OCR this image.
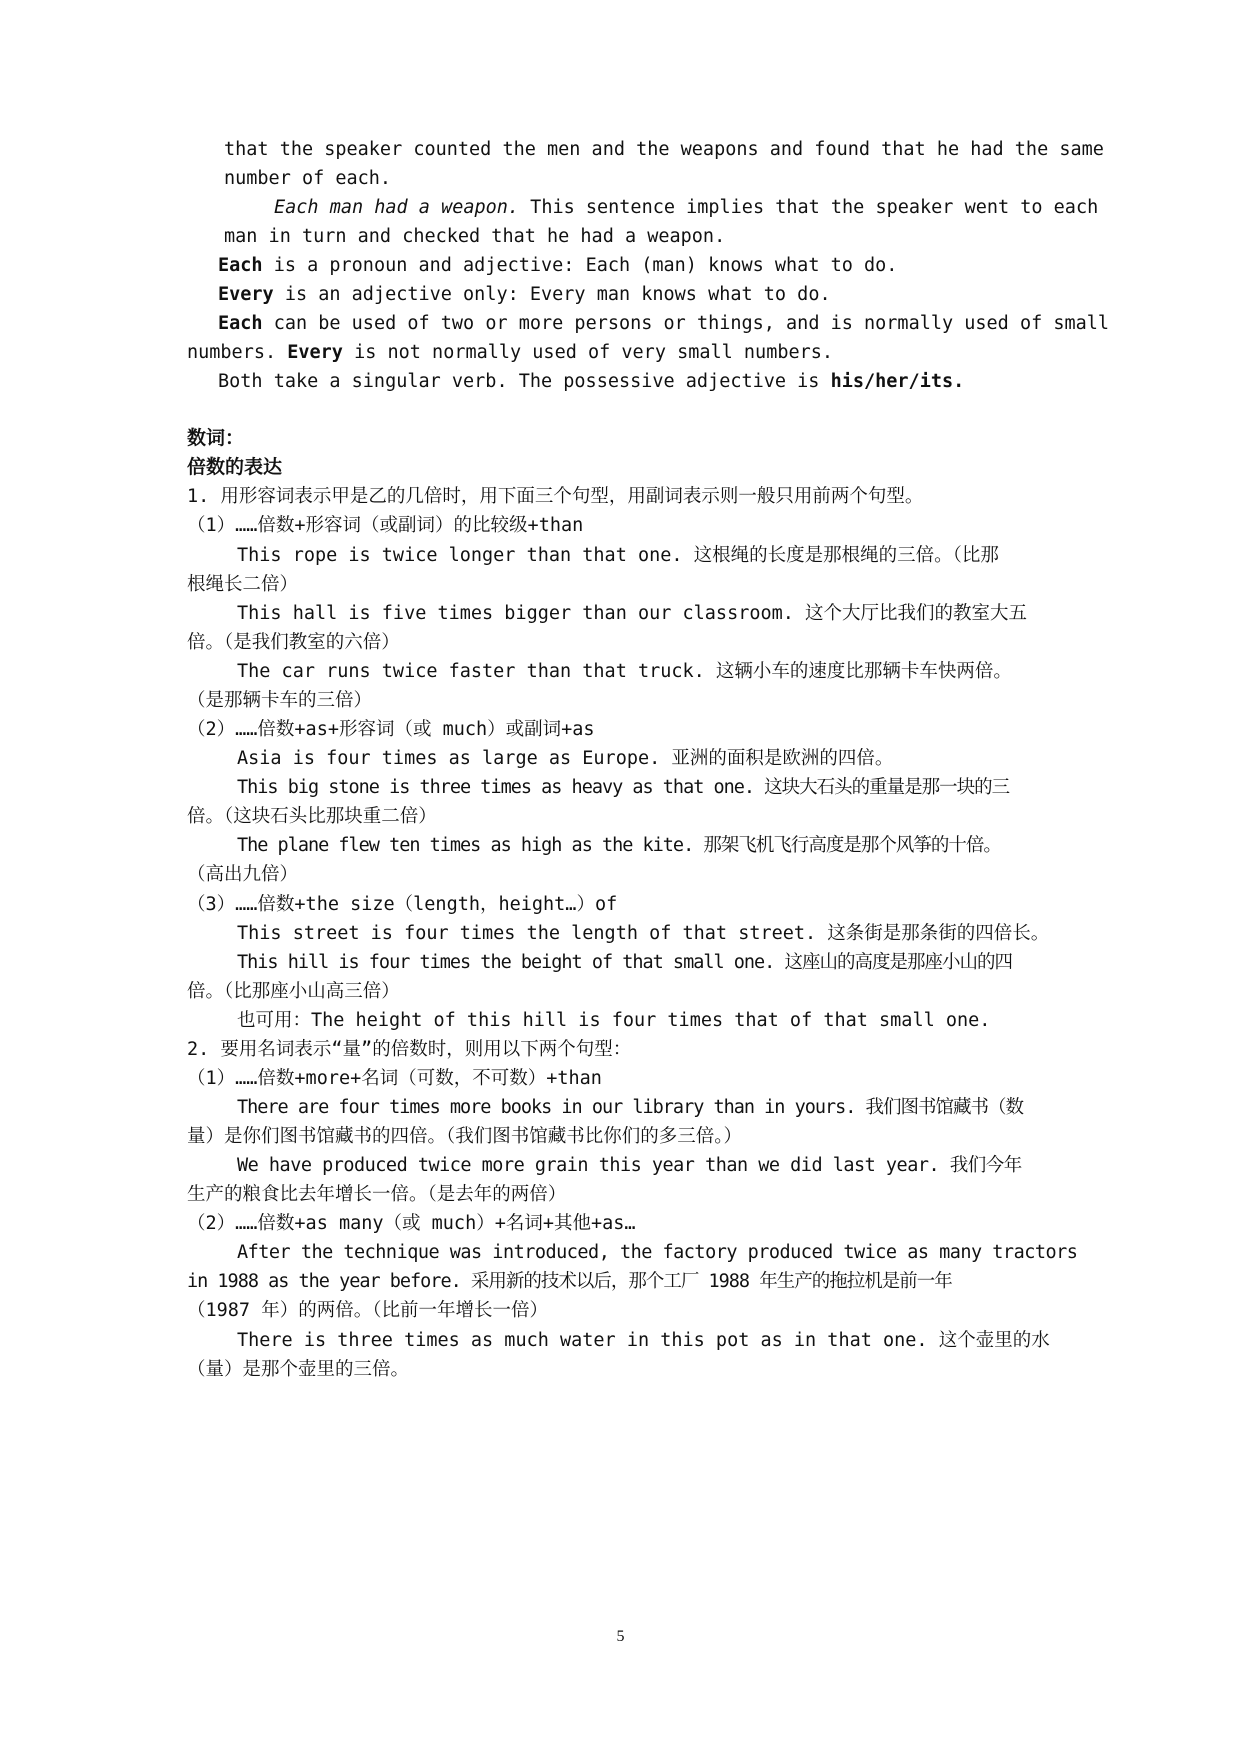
that the speaker counted the men and the weapons and found that he had the same
number of each.
Each man had a weapon. This sentence implies that the speaker went to each
man in turn and checked that he had a weapon.
Each is a pronoun and adjective: Each (man) knows what to do.
Every is an adjective only: Every man knows what to do.
Each can be used of two or more persons or things, and is normally used of small
numbers. Every is not normally used of very small numbers.
Both take a singular verb. The possessive adjective is his/her/its.
数词：
倍数的表达
1. 用形容词表示甲是乙的几倍时，用下面三个句型，用副词表示则一般只用前两个句型。
（1）……倍数+形容词（或副词）的比较级+than
This rope is twice longer than that one. 这根绳的长度是那根绳的三倍。（比那
根绳长二倍）
This hall is five times bigger than our classroom. 这个大厅比我们的教室大五
倍。（是我们教室的六倍）
The car runs twice faster than that truck. 这辆小车的速度比那辆卡车快两倍。
（是那辆卡车的三倍）
（2）……倍数+as+形容词（或 much）或副词+as
Asia is four times as large as Europe. 亚洲的面积是欧洲的四倍。
This big stone is three times as heavy as that one. 这块大石头的重量是那一块的三
倍。（这块石头比那块重二倍）
The plane flew ten times as high as the kite. 那架飞机飞行高度是那个风筝的十倍。
（高出九倍）
（3）……倍数+the size（length，height…）of
This street is four times the length of that street. 这条街是那条街的四倍长。
This hill is four times the beight of that small one. 这座山的高度是那座小山的四
倍。（比那座小山高三倍）
也可用：The height of this hill is four times that of that small one.
2. 要用名词表示“量”的倍数时，则用以下两个句型：
（1）……倍数+more+名词（可数，不可数）+than
There are four times more books in our library than in yours. 我们图书馆藏书（数
量）是你们图书馆藏书的四倍。（我们图书馆藏书比你们的多三倍。）
We have produced twice more grain this year than we did last year. 我们今年
生产的粮食比去年增长一倍。（是去年的两倍）
（2）……倍数+as many（或 much）+名词+其他+as…
After the technique was introduced, the factory produced twice as many tractors
in 1988 as the year before. 采用新的技术以后，那个工厂 1988 年生产的拖拉机是前一年
（1987 年）的两倍。（比前一年增长一倍）
There is three times as much water in this pot as in that one. 这个壶里的水
（量）是那个壶里的三倍。
5
